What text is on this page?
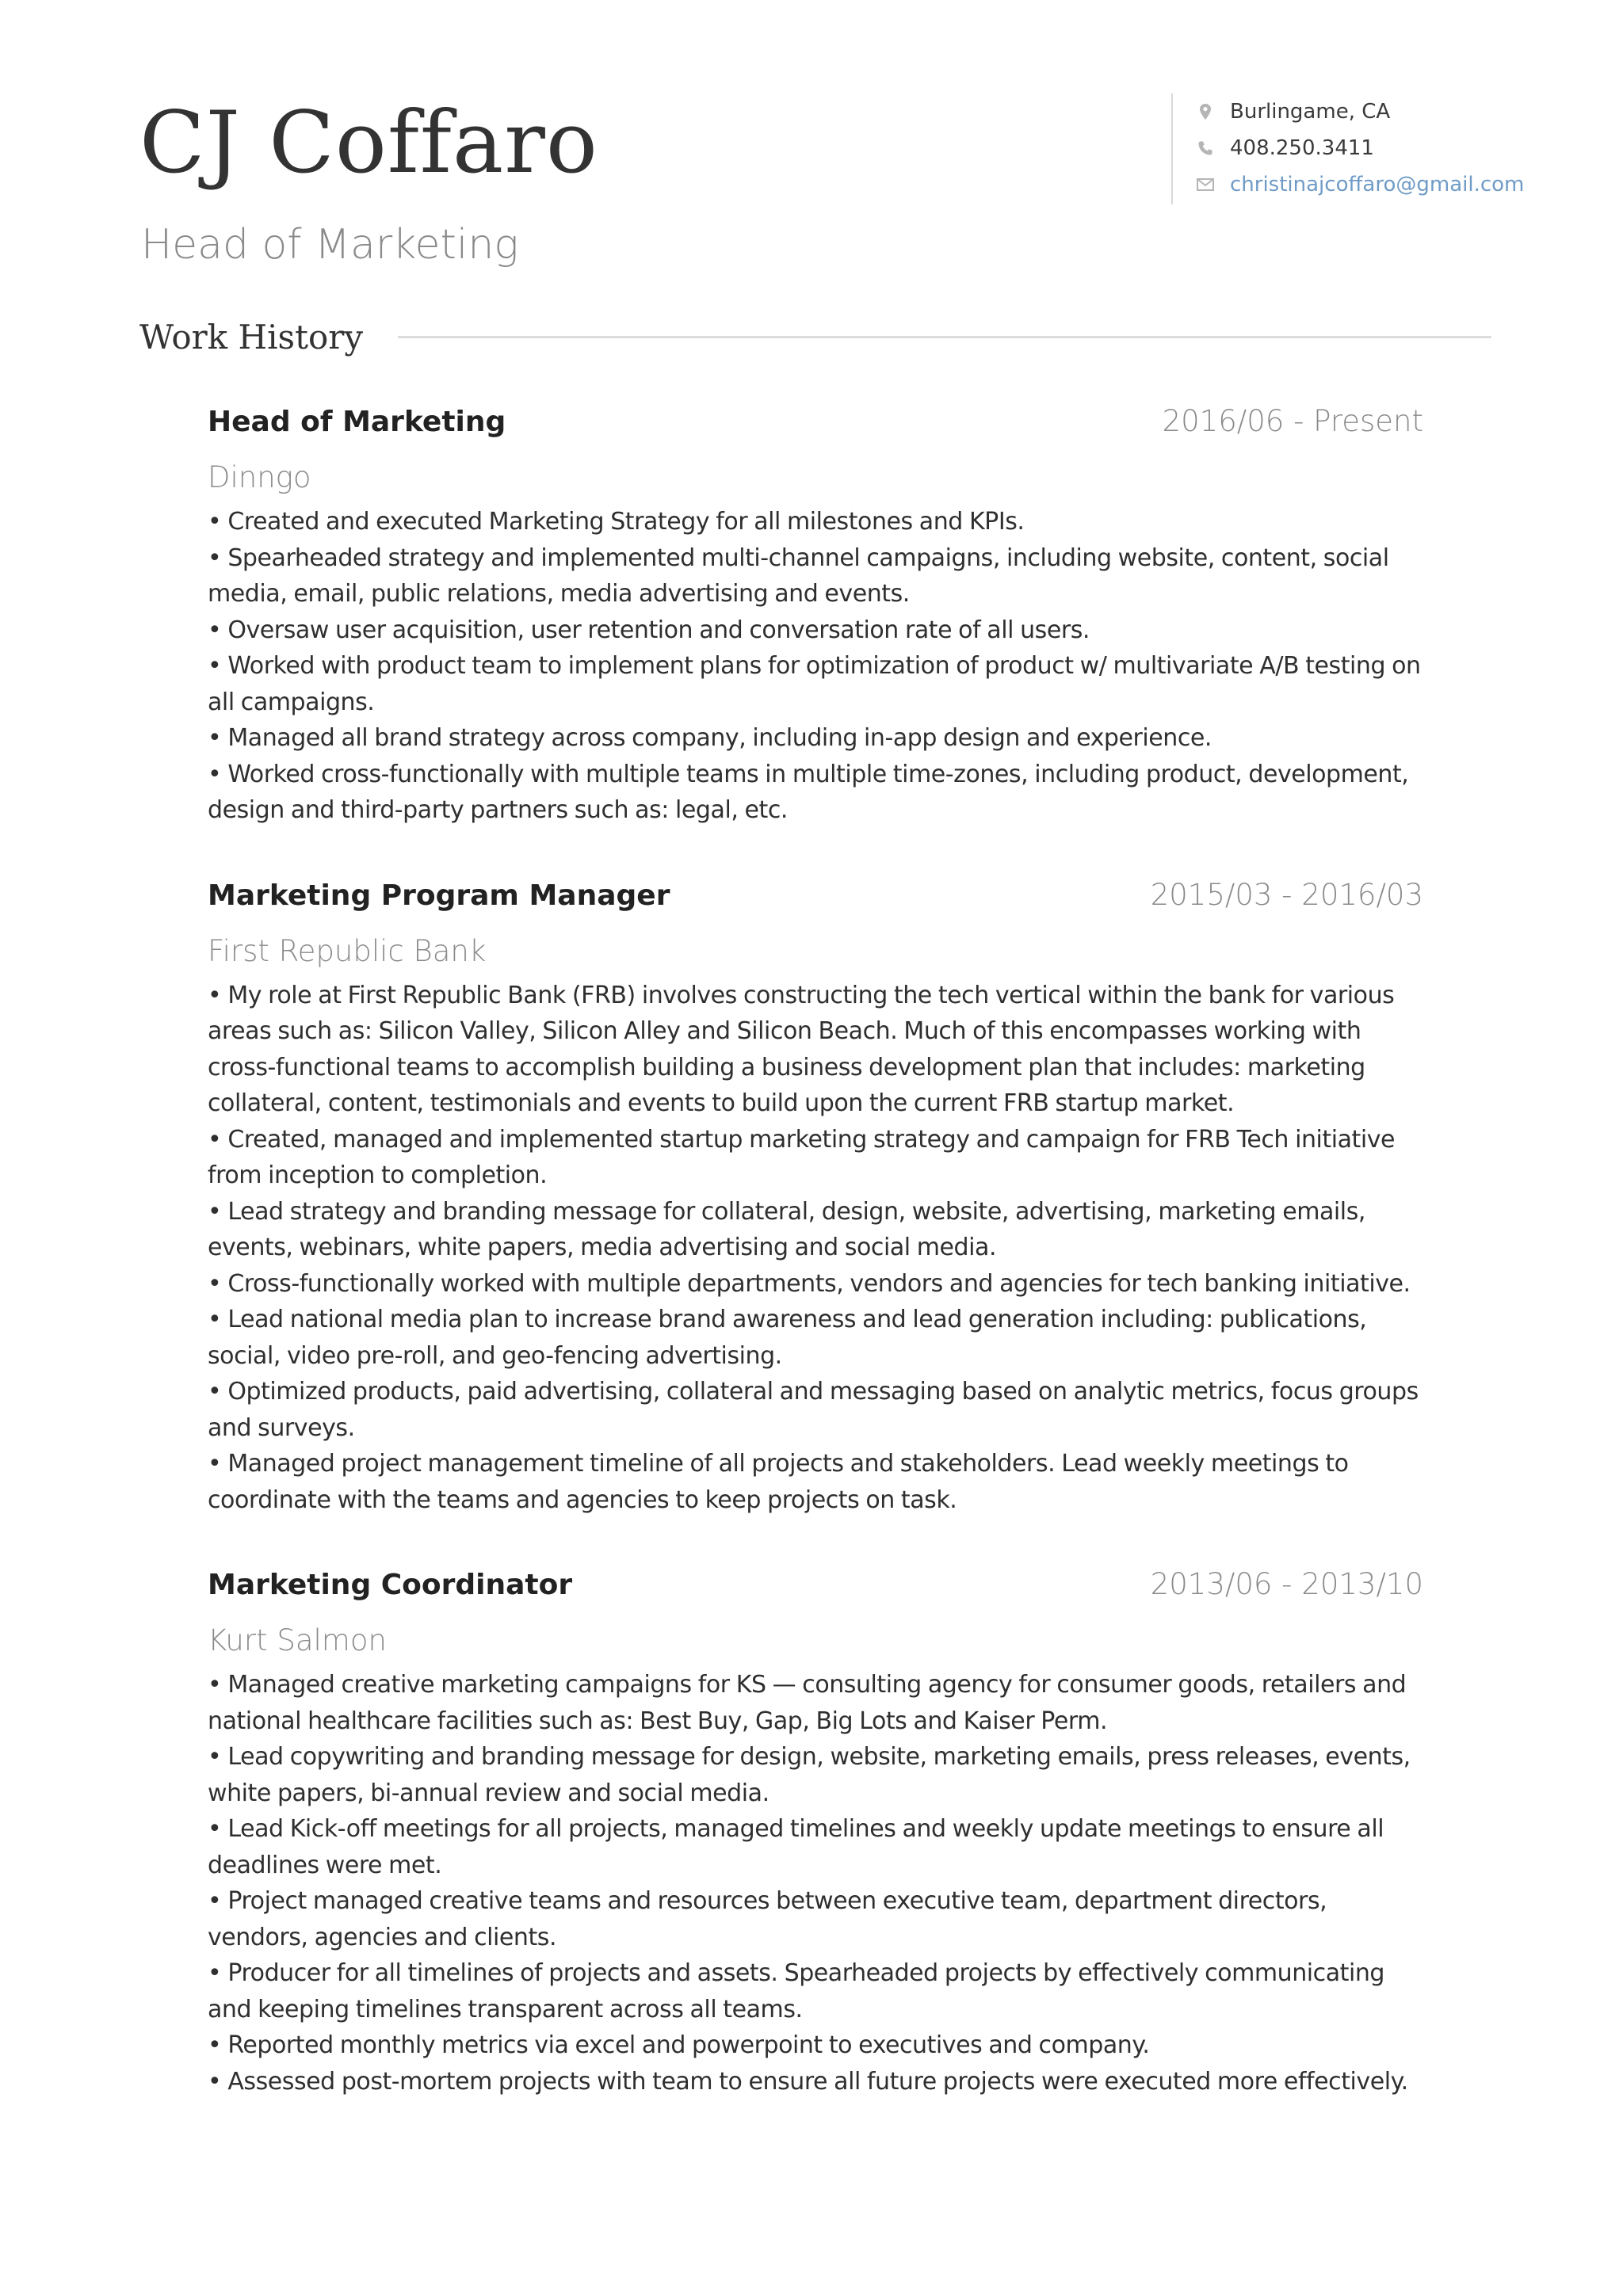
CJ Coffaro
Head of Marketing
Burlingame, CA
408.250.3411
christinajcoffaro@gmail.com
Work History
Head of Marketing	2016/06 - Present
Dinngo
• Created and executed Marketing Strategy for all milestones and KPIs.
• Spearheaded strategy and implemented multi-channel campaigns, including website, content, social media, email, public relations, media advertising and events.
• Oversaw user acquisition, user retention and conversation rate of all users.
• Worked with product team to implement plans for optimization of product w/ multivariate A/B testing on all campaigns.
• Managed all brand strategy across company, including in-app design and experience.
• Worked cross-functionally with multiple teams in multiple time-zones, including product, development, design and third-party partners such as: legal, etc.
Marketing Program Manager	2015/03 - 2016/03
First Republic Bank
• My role at First Republic Bank (FRB) involves constructing the tech vertical within the bank for various areas such as: Silicon Valley, Silicon Alley and Silicon Beach. Much of this encompasses working with cross-functional teams to accomplish building a business development plan that includes: marketing collateral, content, testimonials and events to build upon the current FRB startup market.
• Created, managed and implemented startup marketing strategy and campaign for FRB Tech initiative from inception to completion.
• Lead strategy and branding message for collateral, design, website, advertising, marketing emails, events, webinars, white papers, media advertising and social media.
• Cross-functionally worked with multiple departments, vendors and agencies for tech banking initiative.
• Lead national media plan to increase brand awareness and lead generation including: publications, social, video pre-roll, and geo-fencing advertising.
• Optimized products, paid advertising, collateral and messaging based on analytic metrics, focus groups and surveys.
• Managed project management timeline of all projects and stakeholders. Lead weekly meetings to coordinate with the teams and agencies to keep projects on task.
Marketing Coordinator	2013/06 - 2013/10
Kurt Salmon
• Managed creative marketing campaigns for KS — consulting agency for consumer goods, retailers and national healthcare facilities such as: Best Buy, Gap, Big Lots and Kaiser Perm.
• Lead copywriting and branding message for design, website, marketing emails, press releases, events, white papers, bi-annual review and social media.
• Lead Kick-off meetings for all projects, managed timelines and weekly update meetings to ensure all deadlines were met.
• Project managed creative teams and resources between executive team, department directors, vendors, agencies and clients.
• Producer for all timelines of projects and assets. Spearheaded projects by effectively communicating and keeping timelines transparent across all teams.
• Reported monthly metrics via excel and powerpoint to executives and company.
• Assessed post-mortem projects with team to ensure all future projects were executed more effectively.
